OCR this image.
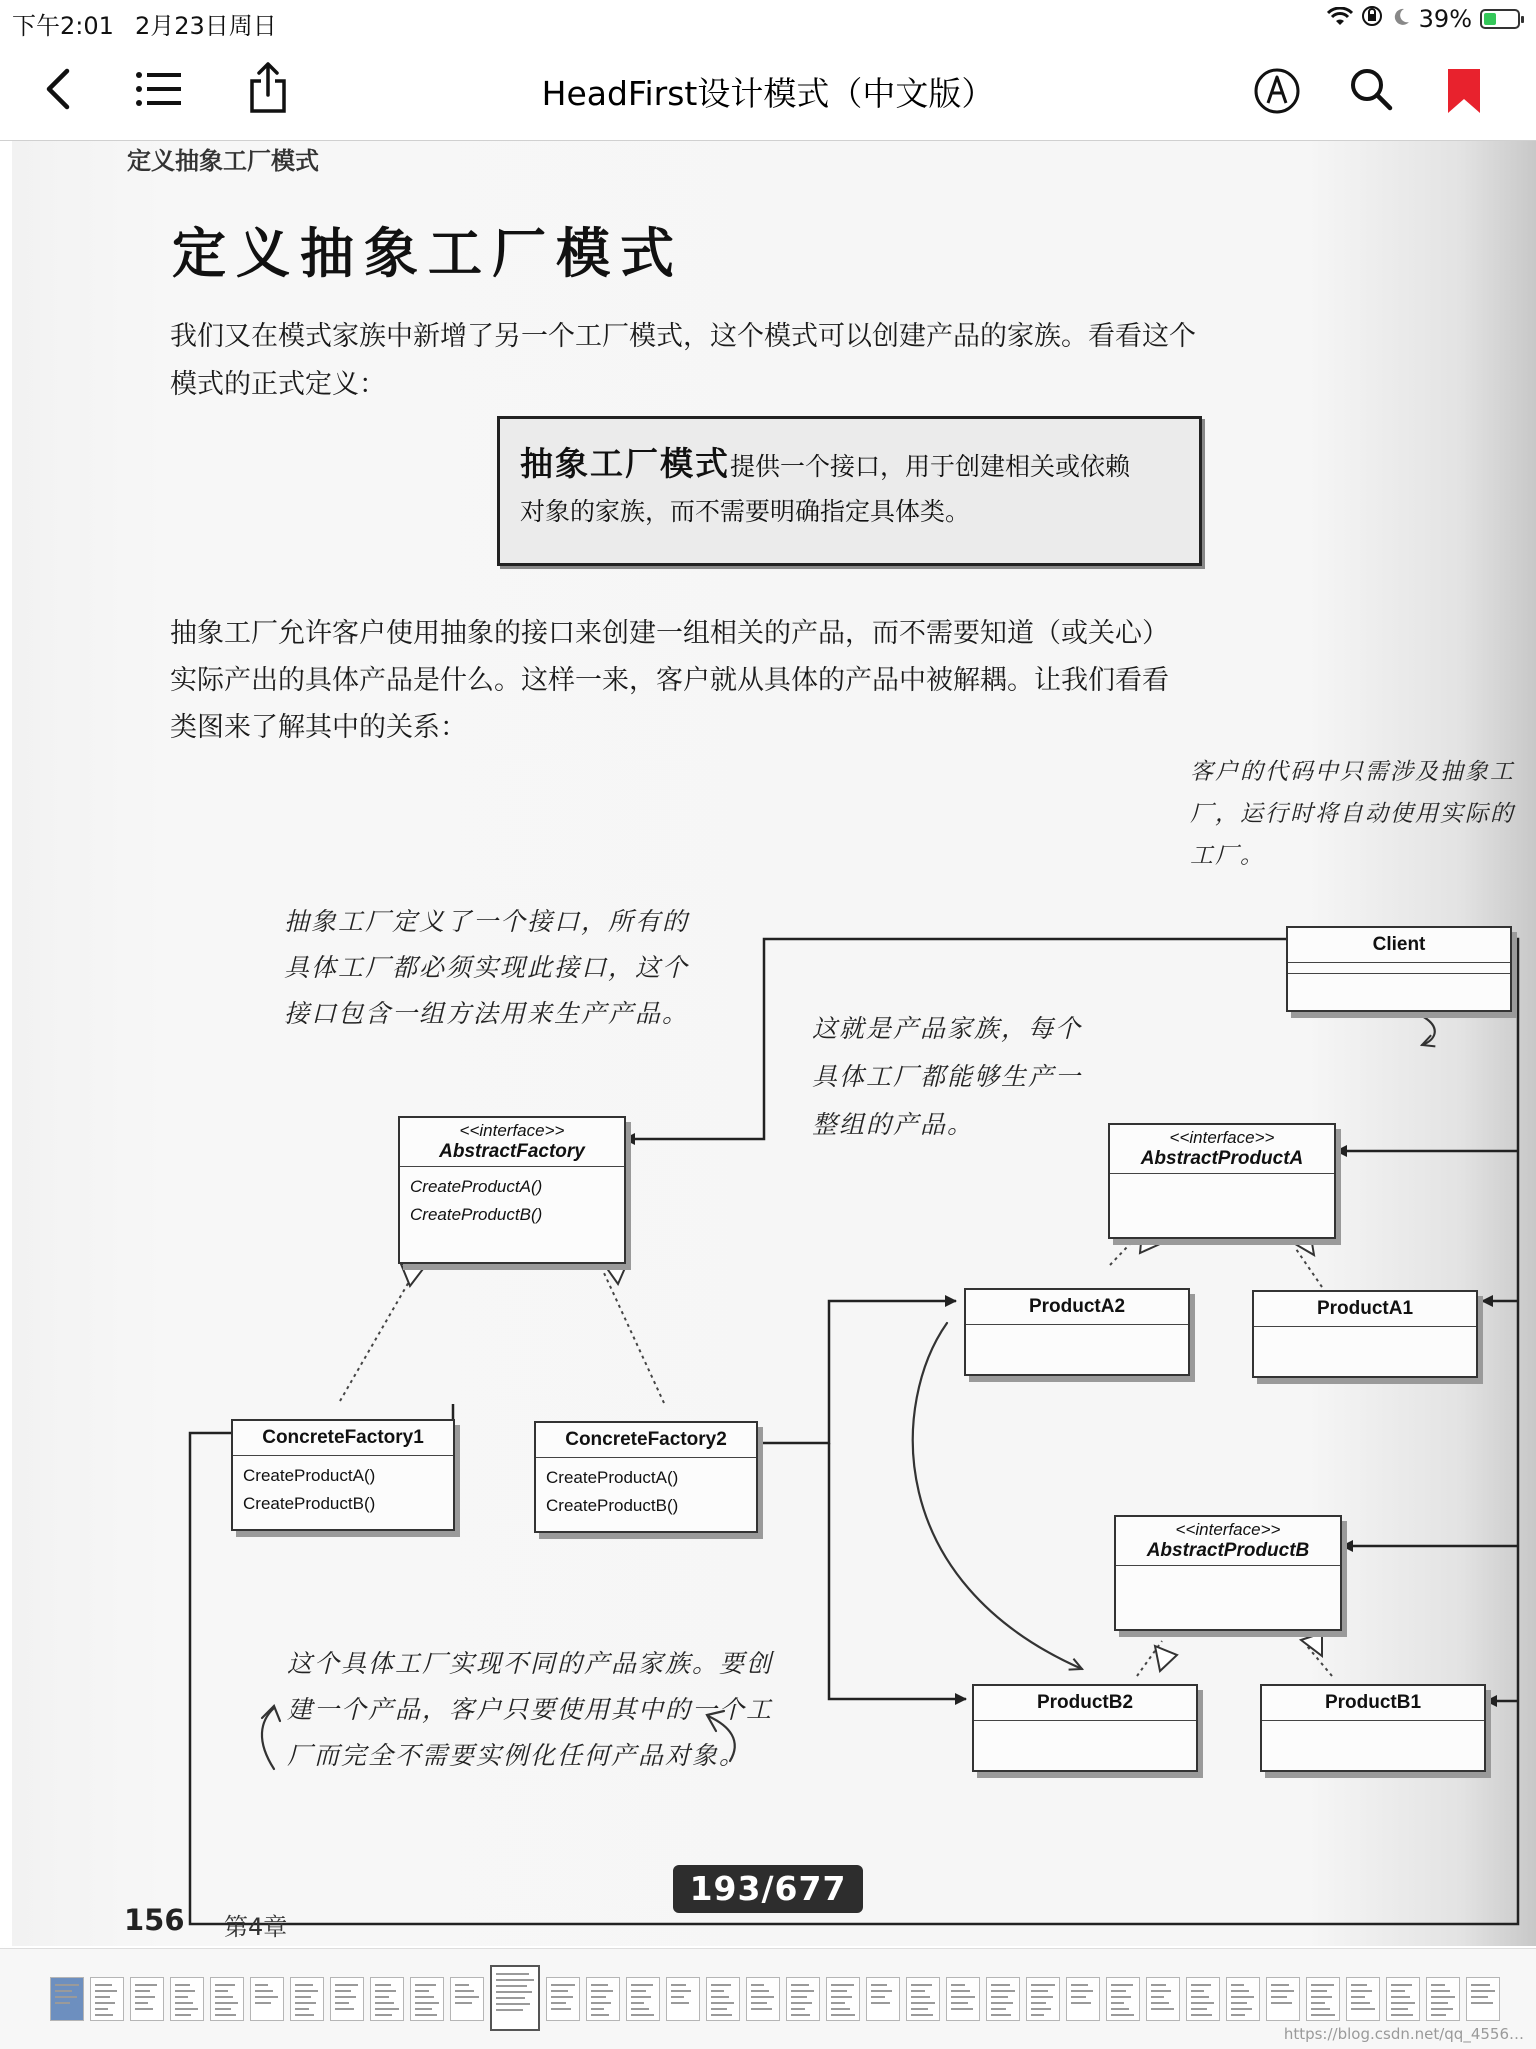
下午2:01 2月23日周日	39%
HeadFirst设计模式（中文版）
定义抽象工厂模式
定义抽象工厂模式
我们又在模式家族中新增了另一个工厂模式，这个模式可以创建产品的家族。看看这个
模式的正式定义：
抽象工厂模式提供一个接口，用于创建相关或依赖
对象的家族，而不需要明确指定具体类。
抽象工厂允许客户使用抽象的接口来创建一组相关的产品，而不需要知道（或关心）
实际产出的具体产品是什么。这样一来，客户就从具体的产品中被解耦。让我们看看
类图来了解其中的关系：
客户的代码中只需涉及抽象工
厂，运行时将自动使用实际的
工厂。
抽象工厂定义了一个接口，所有的
具体工厂都必须实现此接口，这个
接口包含一组方法用来生产产品。
这就是产品家族，每个
具体工厂都能够生产一
整组的产品。
这个具体工厂实现不同的产品家族。要创
建一个产品，客户只要使用其中的一个工
厂而完全不需要实例化任何产品对象。
Client
<<interface>>
AbstractFactory
CreateProductA()
CreateProductB()
ConcreteFactory1
CreateProductA()
CreateProductB()
ConcreteFactory2
CreateProductA()
CreateProductB()
<<interface>>
AbstractProductA
ProductA2	ProductA1
<<interface>>
AbstractProductB
ProductB2	ProductB1
156 第4章
193/677
https://blog.csdn.net/qq_4556…
